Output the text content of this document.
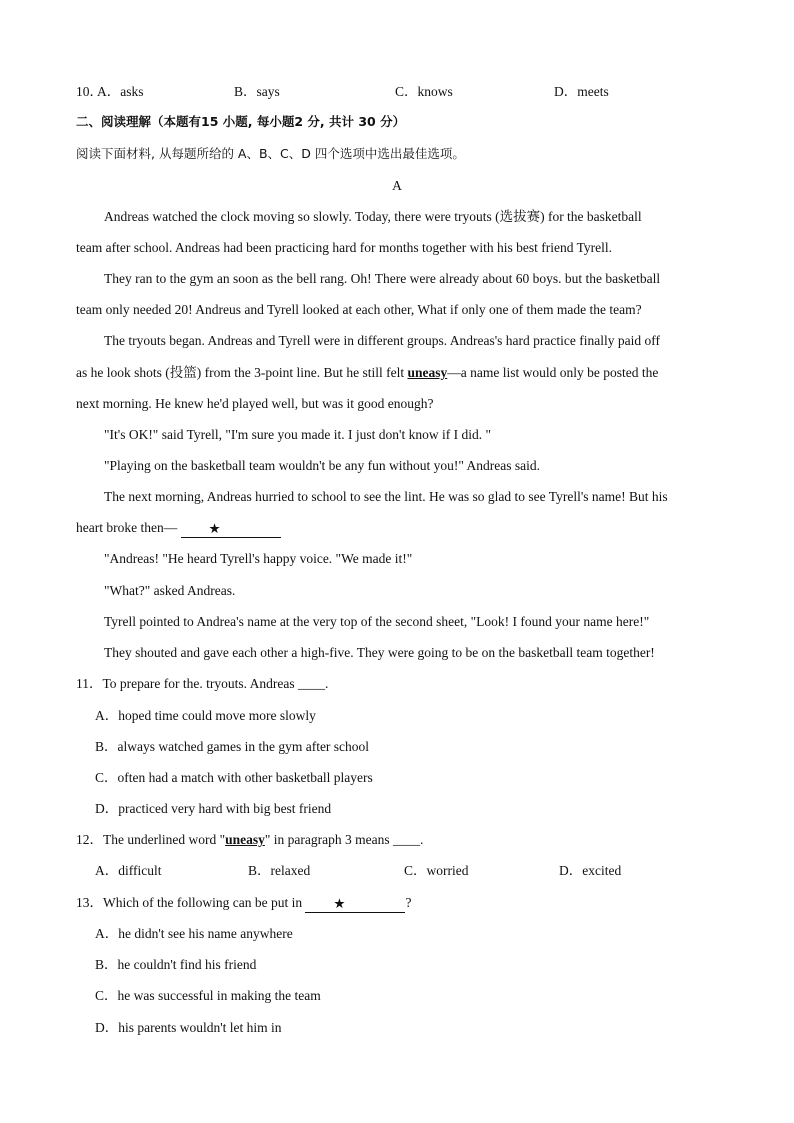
10．
A．asks	B．says	C．knows	D．meets
二、阅读理解（本题有15 小题, 每小题2 分, 共计 30 分）
阅读下面材料, 从每题所给的 A、B、C、D 四个选项中选出最佳选项。
A
Andreas watched the clock moving so slowly. Today, there were tryouts (选拔赛) for the basketball
team after school. Andreas had been practicing hard for months together with his best friend Tyrell.
They ran to the gym an soon as the bell rang. Oh! There were already about 60 boys. but the basketball
team only needed 20! Andreus and Tyrell looked at each other, What if only one of them made the team?
The tryouts began. Andreas and Tyrell were in different groups. Andreas's hard practice finally paid off
as he look shots (投篮) from the 3-point line. But he still felt uneasy—a name list would only be posted the
next morning. He knew he'd played well, but was it good enough?
"It's OK!" said Tyrell, "I'm sure you made it. I just don't know if I did. "
"Playing on the basketball team wouldn't be any fun without you!" Andreas said.
The next morning, Andreas hurried to school to see the lint. He was so glad to see Tyrell's name! But his
heart broke then— ★
"Andreas! "He heard Tyrell's happy voice. "We made it!"
"What?" asked Andreas.
Tyrell pointed to Andrea's name at the very top of the second sheet, "Look! I found your name here!"
They shouted and gave each other a high-five. They were going to be on the basketball team together!
11．To prepare for the. tryouts. Andreas ____.
A．hoped time could move more slowly
B．always watched games in the gym after school
C．often had a match with other basketball players
D．practiced very hard with big best friend
12．The underlined word "uneasy" in paragraph 3 means ____.
A．difficult	B．relaxed	C．worried	D．excited
13．Which of the following can be put in ★	?
A．he didn't see his name anywhere
B．he couldn't find his friend
C．he was successful in making the team
D．his parents wouldn't let him in
